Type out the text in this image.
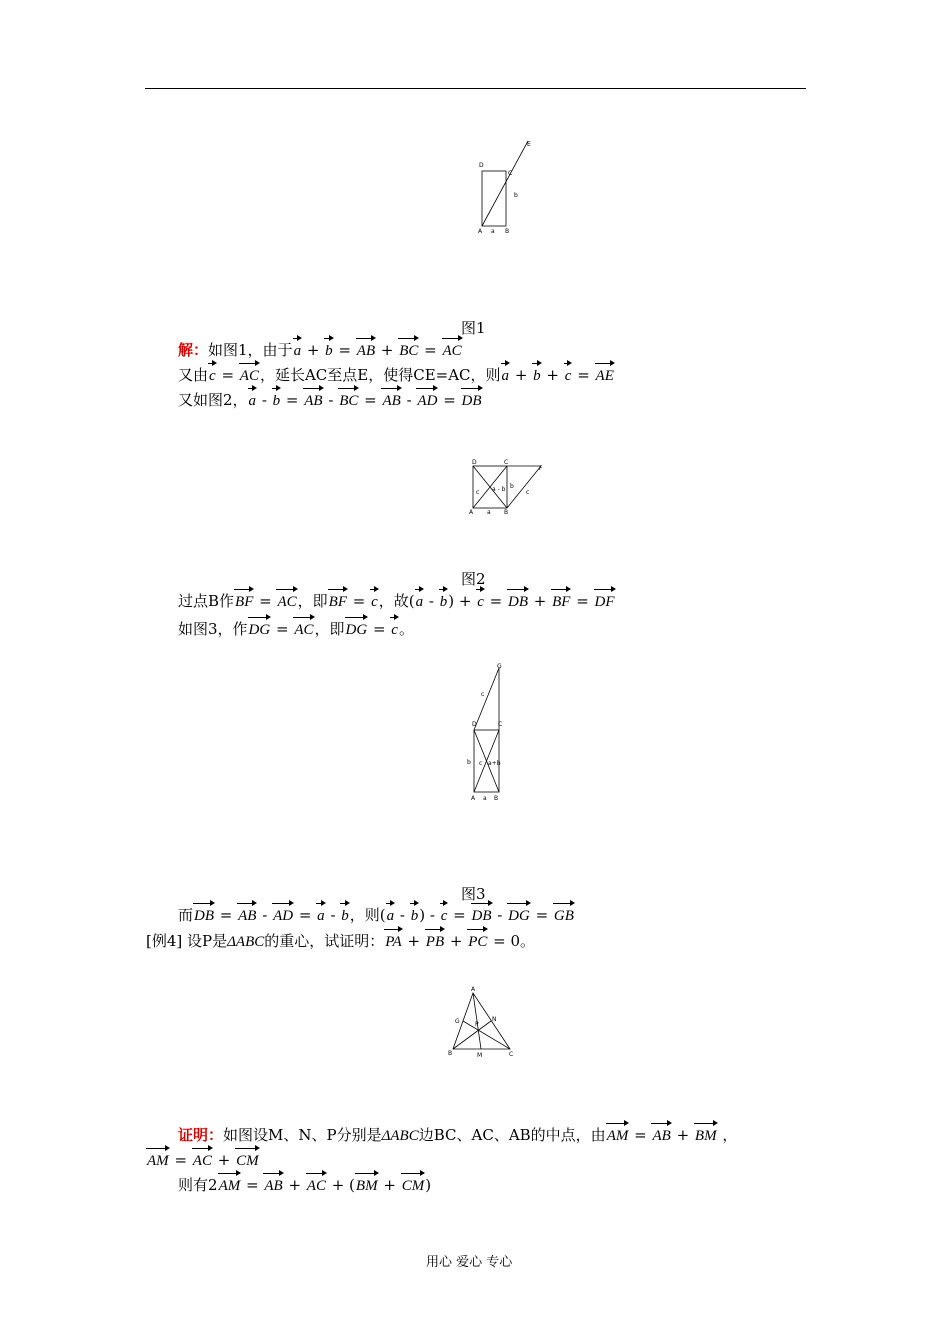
D
C
E
A	B
a
b
图1
解：如图1，由于a + b = AB + BC = AC
又由c = AC，延长AC至点E，使得CE=AC，则a + b + c = AE
又如图2，a - b = AB - BC = AB - AD = DB
D	C
F
A	B
a
b
c	c
a - b
图2
过点B作BF = AC，即BF = c，故(a - b) + c = DB + BF = DF
如图3，作DG = AC，即DG = c。
G
D	C
A	B
a
b
c
c a+b
图3
而DB = AB - AD = a - b，则(a - b) - c = DB - DG = GB
[例4] 设P是ΔABC的重心，试证明：PA + PB + PC = 0。
A
G	N
P
B	M	C
证明：如图设M、N、P分别是ΔABC边BC、AC、AB的中点，由AM = AB + BM ，
AM = AC + CM
则有2AM = AB + AC + (BM + CM)
用心 爱心 专心
